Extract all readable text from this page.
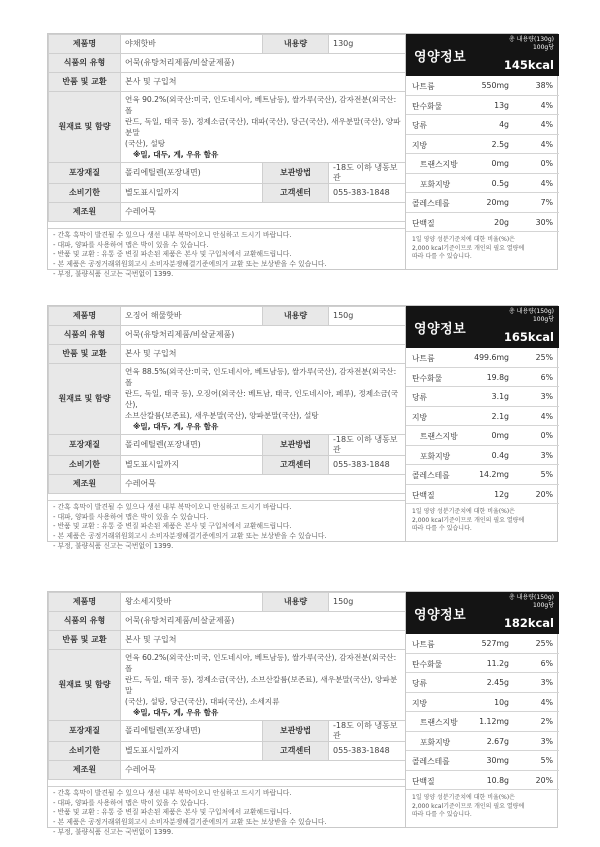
제품명	야채핫바	내용량	130g
식품의 유형	어묵(유탕처리제품/비살균제품)		
반품 및 교환	본사 및 구입처		
원재료 및 함량	연육 90.2%(외국산:미국, 인도네시아, 베트남등), 쌀가루(국산), 감자전분(외국산: 폴
란드, 독일, 태국 등), 정제소금(국산), 대파(국산), 당근(국산), 새우분말(국산), 양파분말
(국산), 설탕
※밀, 대두, 게, 우유 함유		

포장재질	폴리에틸렌(포장내면)	보관방법	-18도 이하 냉동보관
소비기한	별도표시일까지	고객센터	055-383-1848
제조원	수레어묵		
- 간혹 흑막이 발견될 수 있으나 생선 내부 복막이오니 안심하고 드시기 바랍니다.
- 대파, 양파를 사용하여 맵은 박이 있을 수 있습니다.
- 반품 및 교환 : 유통 중 변질 파손된 제품은 본사 및 구입처에서 교환해드립니다.
- 본 제품은 공정거래위원회고시 소비자분쟁해결기준에의거 교환 또는 보상받을 수 있습니다.
- 부정, 불량식품 신고는 국번없이 1399.
영양정보
총 내용량(130g)
100g당
145kcal
나트륨	550mg	38%
탄수화물	13g	4%
당류	4g	4%
지방	2.5g	4%
트랜스지방	0mg	0%
포화지방	0.5g	4%
콜레스테롤	20mg	7%
단백질	20g	30%
1일 영양 성분기준치에 대한 비율(%)은
2,000 kcal기준이므로 개인의 필요 열량에
따라 다를 수 있습니다.
제품명	오징어 해물핫바	내용량	150g
식품의 유형	어묵(유탕처리제품/비살균제품)		
반품 및 교환	본사 및 구입처		
원재료 및 함량	연육 88.5%(외국산:미국, 인도네시아, 베트남등), 쌀가루(국산), 감자전분(외국산: 폴
란드, 독일, 태국 등), 오징어(외국산: 베트남, 태국, 인도네시아, 페루), 정제소금(국산),
소브산칼륨(보존료), 새우분말(국산), 양파분말(국산), 설탕
※밀, 대두, 게, 우유 함유		

포장재질	폴리에틸렌(포장내면)	보관방법	-18도 이하 냉동보관
소비기한	별도표시일까지	고객센터	055-383-1848
제조원	수레어묵		
- 간혹 흑막이 발견될 수 있으나 생선 내부 복막이오니 안심하고 드시기 바랍니다.
- 대파, 양파를 사용하여 맵은 박이 있을 수 있습니다.
- 반품 및 교환 : 유통 중 변질 파손된 제품은 본사 및 구입처에서 교환해드립니다.
- 본 제품은 공정거래위원회고시 소비자분쟁해결기준에의거 교환 또는 보상받을 수 있습니다.
- 부정, 불량식품 신고는 국번없이 1399.
영양정보
총 내용량(150g)
100g당
165kcal
나트륨	499.6mg	25%
탄수화물	19.8g	6%
당류	3.1g	3%
지방	2.1g	4%
트랜스지방	0mg	0%
포화지방	0.4g	3%
콜레스테롤	14.2mg	5%
단백질	12g	20%
1일 영양 성분기준치에 대한 비율(%)은
2,000 kcal기준이므로 개인의 필요 열량에
따라 다를 수 있습니다.
제품명	왕소세지핫바	내용량	150g
식품의 유형	어묵(유탕처리제품/비살균제품)		
반품 및 교환	본사 및 구입처		
원재료 및 함량	연육 60.2%(외국산:미국, 인도네시아, 베트남등), 쌀가루(국산), 감자전분(외국산: 폴
란드, 독일, 태국 등), 정제소금(국산), 소브산칼륨(보존료), 새우분말(국산), 양파분말
(국산), 설탕, 당근(국산), 대파(국산), 소세지류
※밀, 대두, 게, 우유 함유		

포장재질	폴리에틸렌(포장내면)	보관방법	-18도 이하 냉동보관
소비기한	별도표시일까지	고객센터	055-383-1848
제조원	수레어묵		
- 간혹 흑막이 발견될 수 있으나 생선 내부 복막이오니 안심하고 드시기 바랍니다.
- 대파, 양파를 사용하여 맵은 박이 있을 수 있습니다.
- 반품 및 교환 : 유통 중 변질 파손된 제품은 본사 및 구입처에서 교환해드립니다.
- 본 제품은 공정거래위원회고시 소비자분쟁해결기준에의거 교환 또는 보상받을 수 있습니다.
- 부정, 불량식품 신고는 국번없이 1399.
영양정보
총 내용량(150g)
100g당
182kcal
나트륨	527mg	25%
탄수화물	11.2g	6%
당류	2.45g	3%
지방	10g	4%
트랜스지방	1.12mg	2%
포화지방	2.67g	3%
콜레스테롤	30mg	5%
단백질	10.8g	20%
1일 영양 성분기준치에 대한 비율(%)은
2,000 kcal기준이므로 개인의 필요 열량에
따라 다를 수 있습니다.
